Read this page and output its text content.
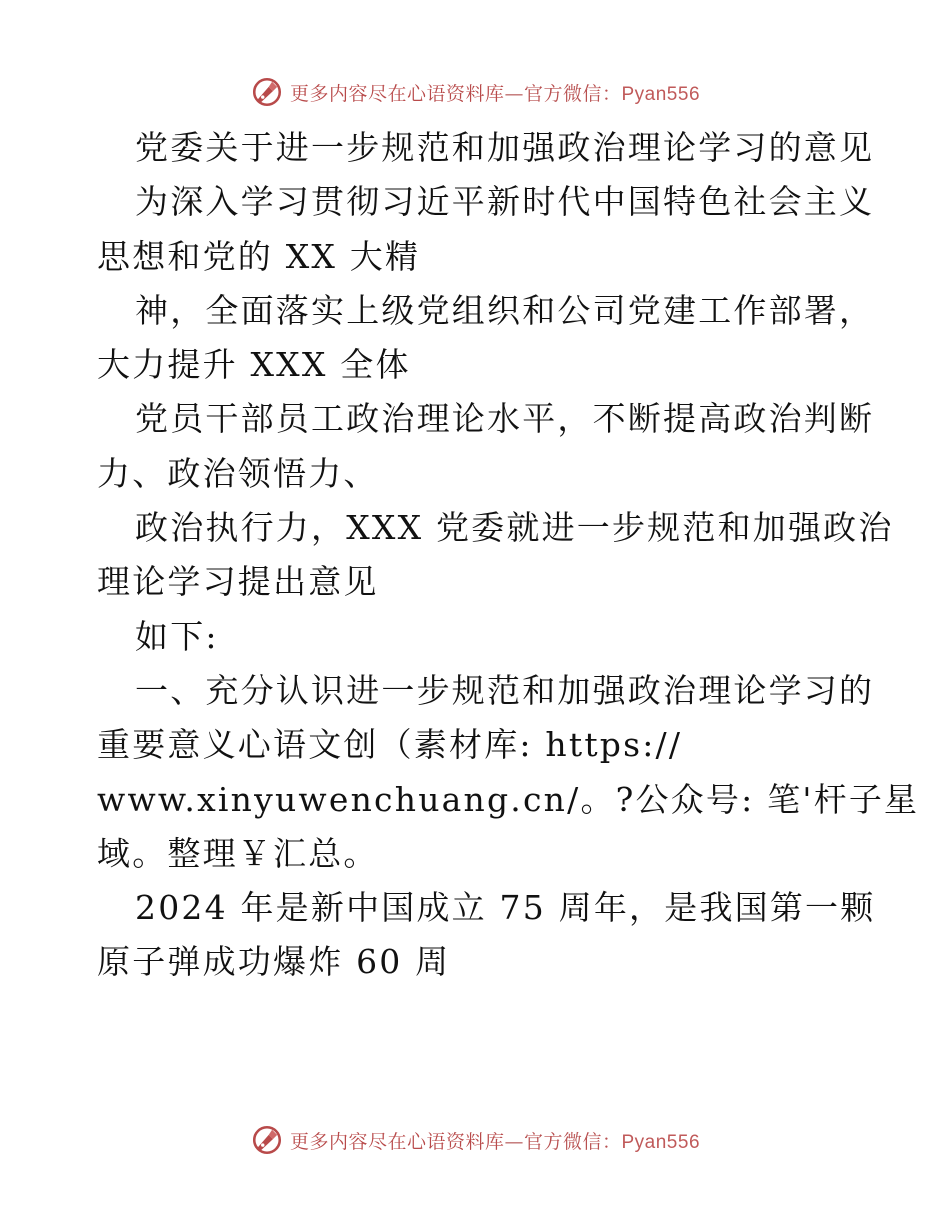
更多内容尽在心语资料库—官方微信：Pyan556
党委关于进一步规范和加强政治理论学习的意见
为深入学习贯彻习近平新时代中国特色社会主义
思想和党的 XX 大精
神，全面落实上级党组织和公司党建工作部署，
大力提升 XXX 全体
党员干部员工政治理论水平，不断提高政治判断
力、政治领悟力、
政治执行力，XXX 党委就进一步规范和加强政治
理论学习提出意见
如下:
一、充分认识进一步规范和加强政治理论学习的
重要意义心语文创（素材库: https://
www.xinyuwenchuang.cn/。?公众号: 笔'杆子星
域。整理￥汇总。
2024 年是新中国成立 75 周年，是我国第一颗
原子弹成功爆炸 60 周
更多内容尽在心语资料库—官方微信：Pyan556
